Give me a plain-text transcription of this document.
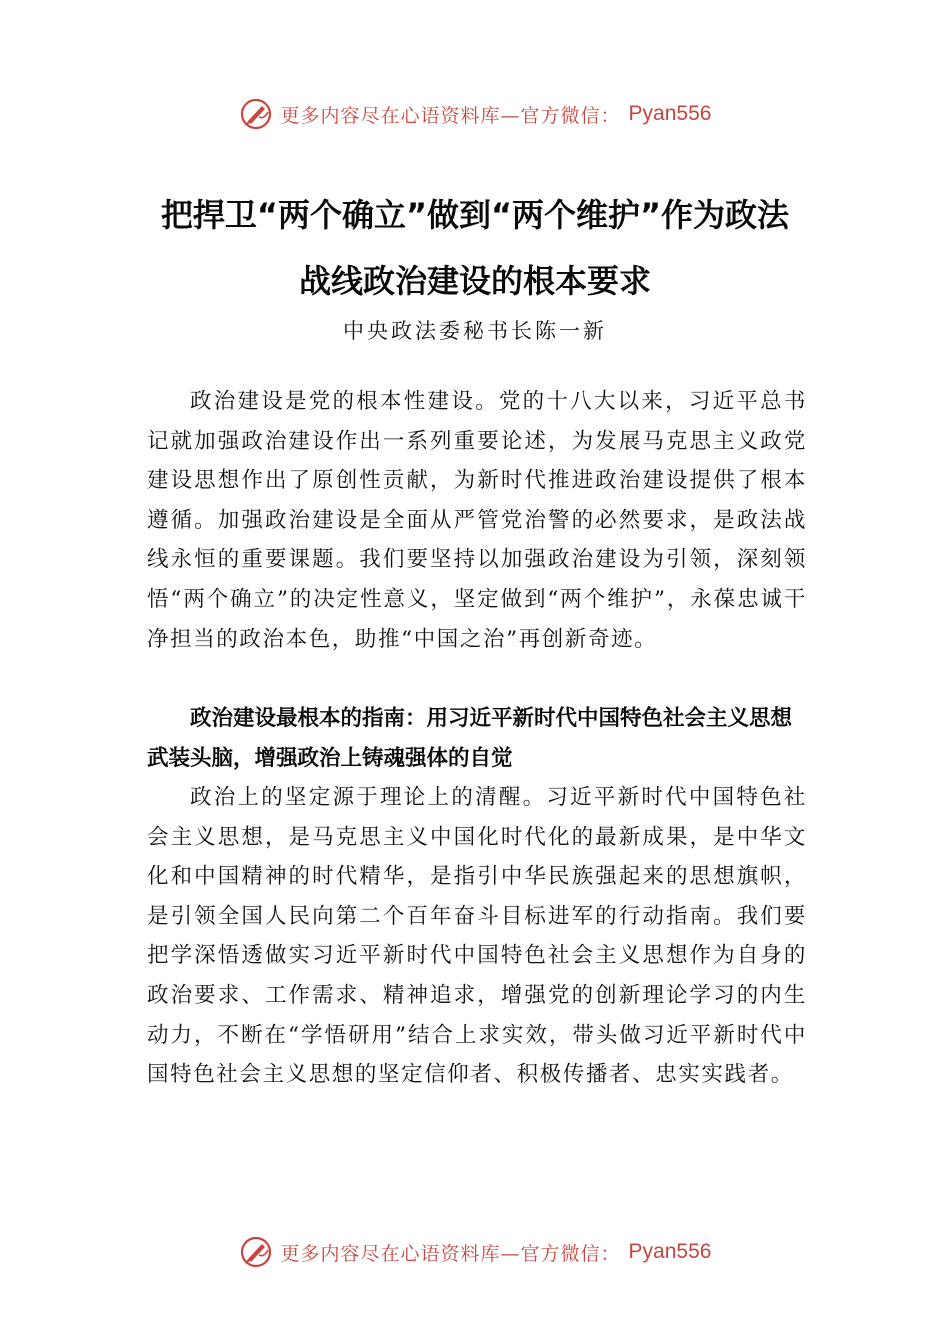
更多内容尽在心语资料库—官方微信： Pyan556
把捍卫“两个确立”做到“两个维护”作为政法
战线政治建设的根本要求
中央政法委秘书长陈一新

政治建设是党的根本性建设。党的十八大以来，习近平总书记就加强政治建设作出一系列重要论述，为发展马克思主义政党建设思想作出了原创性贡献，为新时代推进政治建设提供了根本遵循。加强政治建设是全面从严管党治警的必然要求，是政法战线永恒的重要课题。我们要坚持以加强政治建设为引领，深刻领悟“两个确立”的决定性意义，坚定做到“两个维护”，永葆忠诚干净担当的政治本色，助推“中国之治”再创新奇迹。

政治建设最根本的指南：用习近平新时代中国特色社会主义思想武装头脑，增强政治上铸魂强体的自觉

政治上的坚定源于理论上的清醒。习近平新时代中国特色社会主义思想，是马克思主义中国化时代化的最新成果，是中华文化和中国精神的时代精华，是指引中华民族强起来的思想旗帜，是引领全国人民向第二个百年奋斗目标进军的行动指南。我们要把学深悟透做实习近平新时代中国特色社会主义思想作为自身的政治要求、工作需求、精神追求，增强党的创新理论学习的内生动力，不断在“学悟研用”结合上求实效，带头做习近平新时代中国特色社会主义思想的坚定信仰者、积极传播者、忠实实践者。

更多内容尽在心语资料库—官方微信： Pyan556
